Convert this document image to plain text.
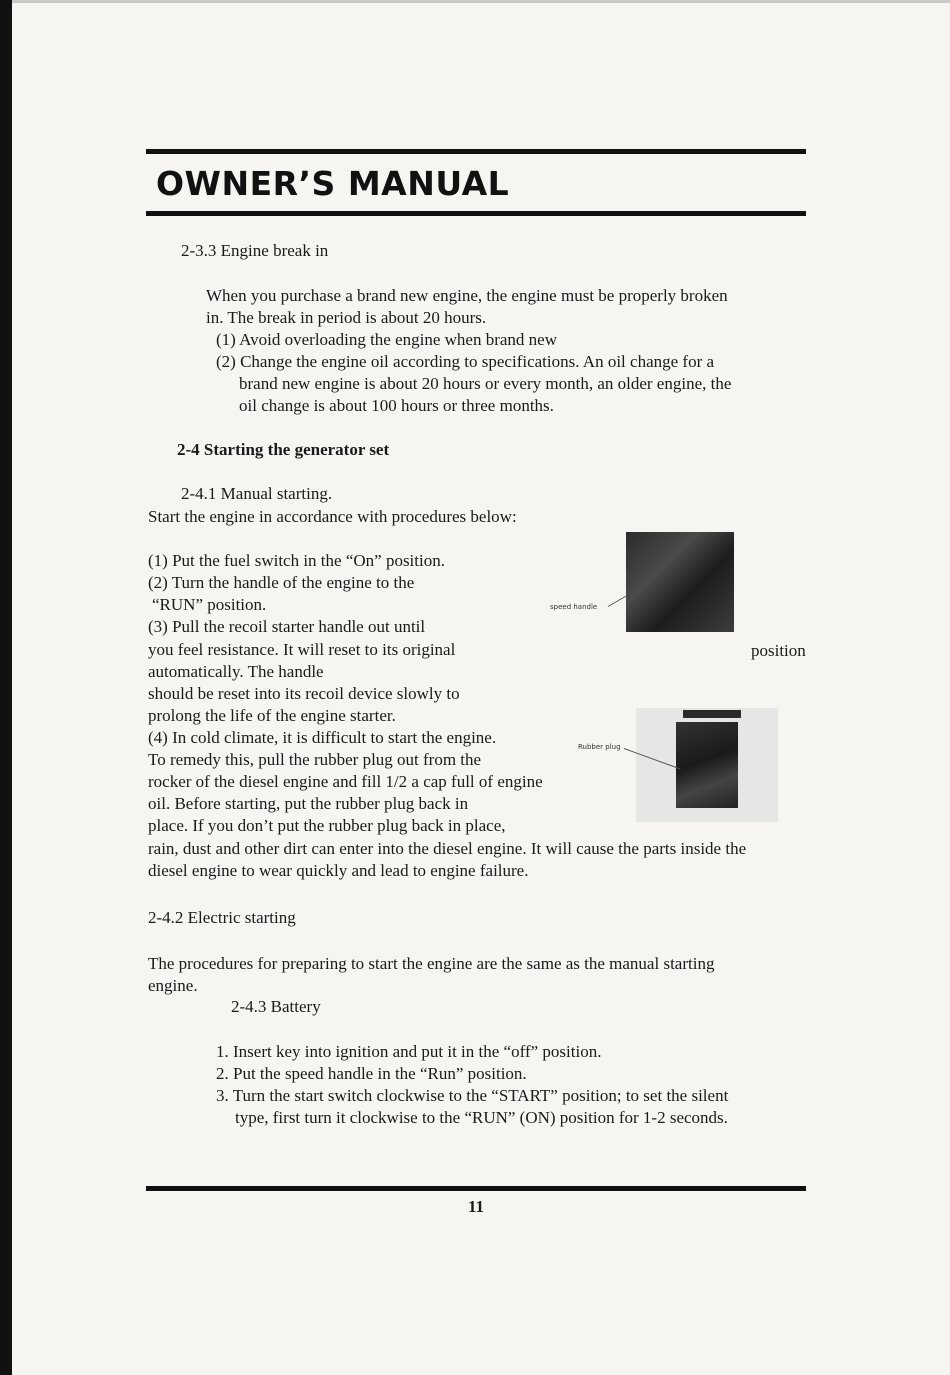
OWNER’S MANUAL
2-3.3 Engine break in
When you purchase a brand new engine, the engine must be properly broken
in. The break in period is about 20 hours.
(1) Avoid overloading the engine when brand new
(2) Change the engine oil according to specifications. An oil change for a
brand new engine is about 20 hours or every month, an older engine, the
oil change is about 100 hours or three months.
2-4 Starting the generator set
2-4.1 Manual starting.
Start the engine in accordance with procedures below:
(1) Put the fuel switch in the “On” position.
(2) Turn the handle of the engine to the
“RUN” position.
(3) Pull the recoil starter handle out until
you feel resistance. It will reset to its original
automatically. The handle
should be reset into its recoil device slowly to
prolong the life of the engine starter.
(4) In cold climate, it is difficult to start the engine.
To remedy this, pull the rubber plug out from the
rocker of the diesel engine and fill 1/2 a cap full of engine
oil. Before starting, put the rubber plug back in
place. If you don’t put the rubber plug back in place,
rain, dust and other dirt can enter into the diesel engine. It will cause the parts inside the
diesel engine to wear quickly and lead to engine failure.
position
speed handle
Rubber plug
2-4.2 Electric starting
The procedures for preparing to start the engine are the same as the manual starting
engine.
2-4.3 Battery
1. Insert key into ignition and put it in the “off” position.
2. Put the speed handle in the “Run” position.
3. Turn the start switch clockwise to the “START” position; to set the silent
type, first turn it clockwise to the “RUN” (ON) position for 1-2 seconds.
11
